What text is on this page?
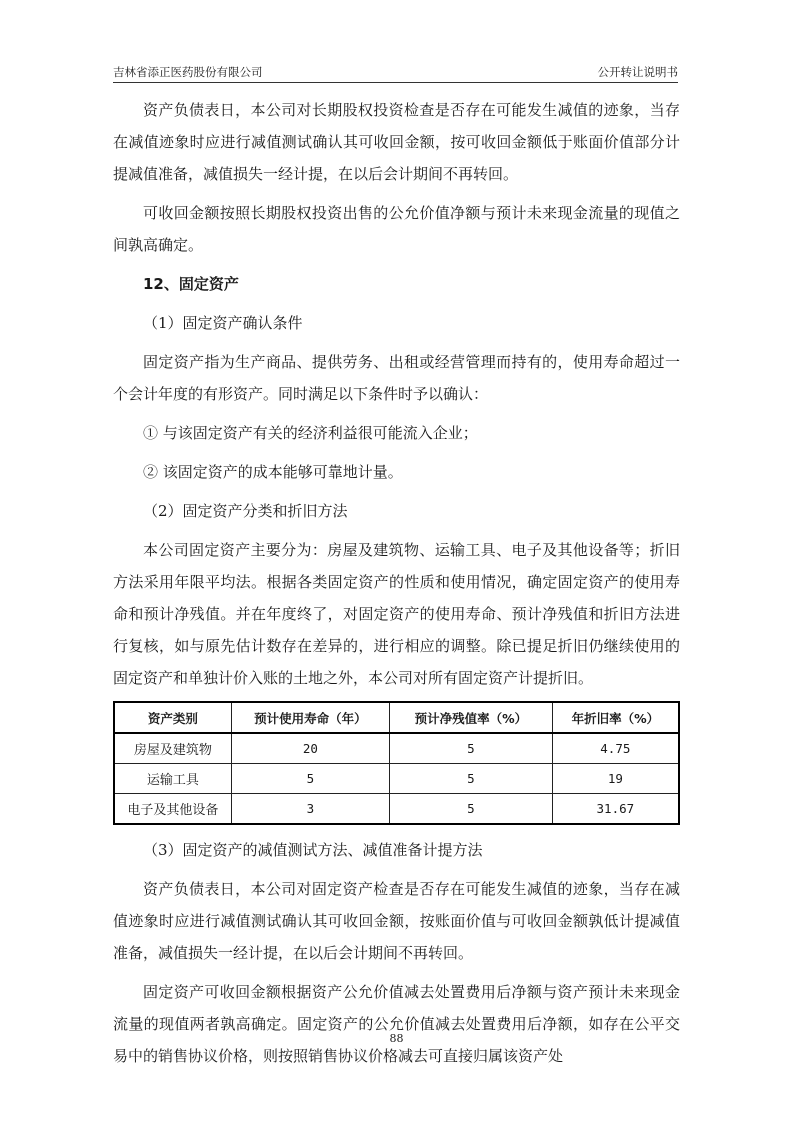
吉林省添正医药股份有限公司	公开转让说明书

资产负债表日，本公司对长期股权投资检查是否存在可能发生减值的迹象，当存在减值迹象时应进行减值测试确认其可收回金额，按可收回金额低于账面价值部分计提减值准备，减值损失一经计提，在以后会计期间不再转回。

可收回金额按照长期股权投资出售的公允价值净额与预计未来现金流量的现值之间孰高确定。

12、固定资产
（1）固定资产确认条件

固定资产指为生产商品、提供劳务、出租或经营管理而持有的，使用寿命超过一个会计年度的有形资产。同时满足以下条件时予以确认：

① 与该固定资产有关的经济利益很可能流入企业；
② 该固定资产的成本能够可靠地计量。
（2）固定资产分类和折旧方法

本公司固定资产主要分为：房屋及建筑物、运输工具、电子及其他设备等；折旧方法采用年限平均法。根据各类固定资产的性质和使用情况，确定固定资产的使用寿命和预计净残值。并在年度终了，对固定资产的使用寿命、预计净残值和折旧方法进行复核，如与原先估计数存在差异的，进行相应的调整。除已提足折旧仍继续使用的固定资产和单独计价入账的土地之外，本公司对所有固定资产计提折旧。

资产类别	预计使用寿命（年）	预计净残值率（%）	年折旧率（%）
房屋及建筑物	20	5	4.75
运输工具	5	5	19
电子及其他设备	3	5	31.67
（3）固定资产的减值测试方法、减值准备计提方法

资产负债表日，本公司对固定资产检查是否存在可能发生减值的迹象，当存在减值迹象时应进行减值测试确认其可收回金额，按账面价值与可收回金额孰低计提减值准备，减值损失一经计提，在以后会计期间不再转回。

固定资产可收回金额根据资产公允价值减去处置费用后净额与资产预计未来现金流量的现值两者孰高确定。固定资产的公允价值减去处置费用后净额，如存在公平交易中的销售协议价格，则按照销售协议价格减去可直接归属该资产处

88
